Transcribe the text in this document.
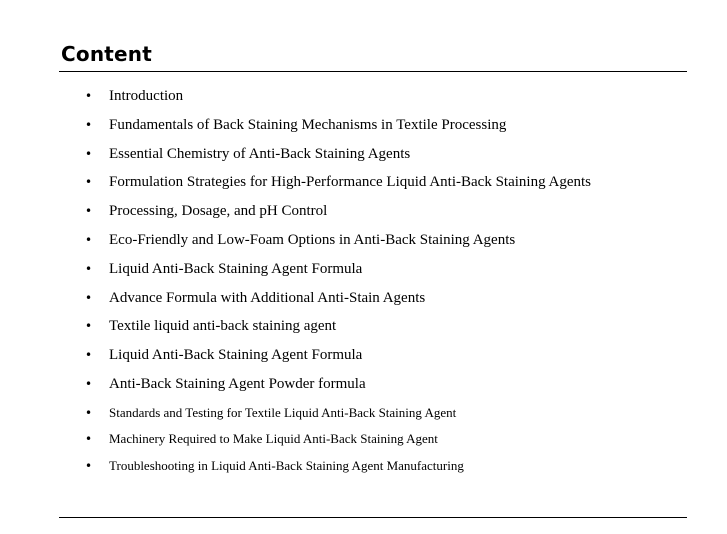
Content
• Introduction
• Fundamentals of Back Staining Mechanisms in Textile Processing
• Essential Chemistry of Anti-Back Staining Agents
• Formulation Strategies for High-Performance Liquid Anti-Back Staining Agents
• Processing, Dosage, and pH Control
• Eco-Friendly and Low-Foam Options in Anti-Back Staining Agents
• Liquid Anti-Back Staining Agent Formula
• Advance Formula with Additional Anti-Stain Agents
• Textile liquid anti-back staining agent
• Liquid Anti-Back Staining Agent Formula
• Anti-Back Staining Agent Powder formula
• Standards and Testing for Textile Liquid Anti-Back Staining Agent
• Machinery Required to Make Liquid Anti-Back Staining Agent
• Troubleshooting in Liquid Anti-Back Staining Agent Manufacturing
